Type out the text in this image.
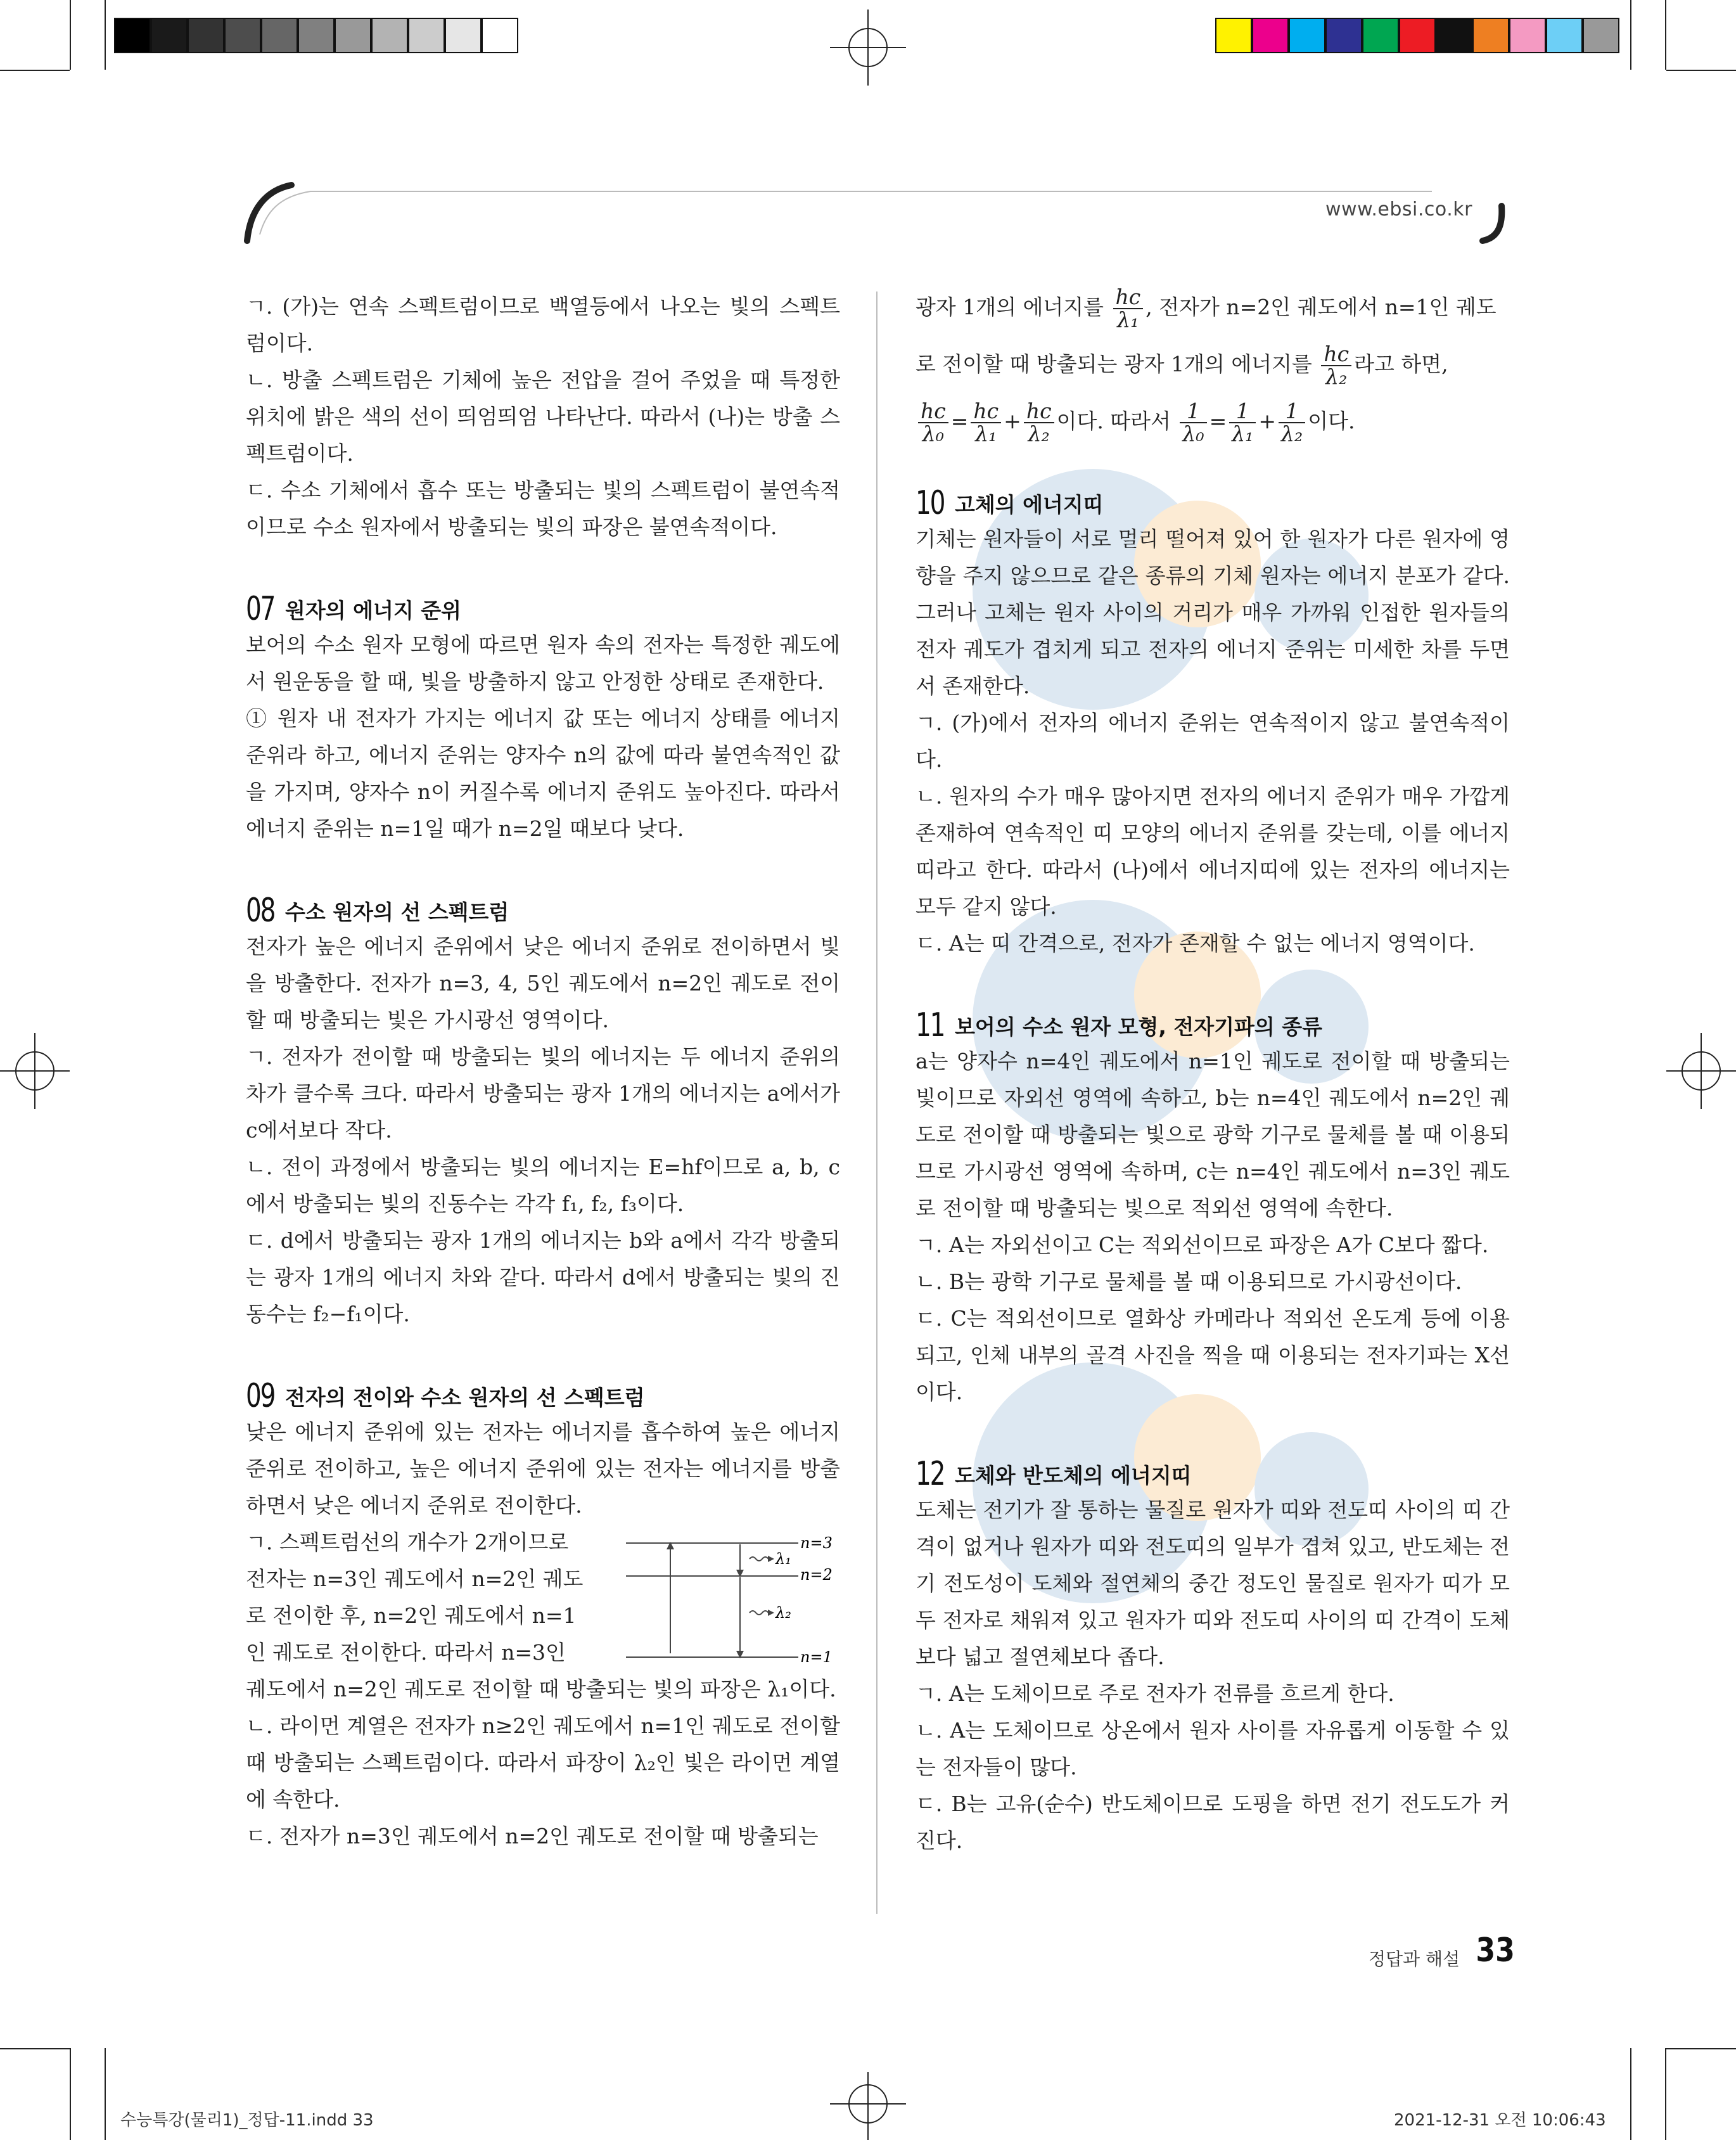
www.ebsi.co.kr

ㄱ. (가)는 연속 스펙트럼이므로 백열등에서 나오는 빛의 스펙트럼이다.

ㄴ. 방출 스펙트럼은 기체에 높은 전압을 걸어 주었을 때 특정한 위치에 밝은 색의 선이 띄엄띄엄 나타난다. 따라서 (나)는 방출 스펙트럼이다.

ㄷ. 수소 기체에서 흡수 또는 방출되는 빛의 스펙트럼이 불연속적이므로 수소 원자에서 방출되는 빛의 파장은 불연속적이다.

07 원자의 에너지 준위

보어의 수소 원자 모형에 따르면 원자 속의 전자는 특정한 궤도에서 원운동을 할 때, 빛을 방출하지 않고 안정한 상태로 존재한다.

① 원자 내 전자가 가지는 에너지 값 또는 에너지 상태를 에너지 준위라 하고, 에너지 준위는 양자수 n의 값에 따라 불연속적인 값을 가지며, 양자수 n이 커질수록 에너지 준위도 높아진다. 따라서 에너지 준위는 n=1일 때가 n=2일 때보다 낮다.

08 수소 원자의 선 스펙트럼

전자가 높은 에너지 준위에서 낮은 에너지 준위로 전이하면서 빛을 방출한다. 전자가 n=3, 4, 5인 궤도에서 n=2인 궤도로 전이할 때 방출되는 빛은 가시광선 영역이다.

ㄱ. 전자가 전이할 때 방출되는 빛의 에너지는 두 에너지 준위의 차가 클수록 크다. 따라서 방출되는 광자 1개의 에너지는 a에서가 c에서보다 작다.

ㄴ. 전이 과정에서 방출되는 빛의 에너지는 E=hf이므로 a, b, c에서 방출되는 빛의 진동수는 각각 f₁, f₂, f₃이다.

ㄷ. d에서 방출되는 광자 1개의 에너지는 b와 a에서 각각 방출되는 광자 1개의 에너지 차와 같다. 따라서 d에서 방출되는 빛의 진동수는 f₂−f₁이다.

09 전자의 전이와 수소 원자의 선 스펙트럼

낮은 에너지 준위에 있는 전자는 에너지를 흡수하여 높은 에너지 준위로 전이하고, 높은 에너지 준위에 있는 전자는 에너지를 방출하면서 낮은 에너지 준위로 전이한다.

ㄱ. 스펙트럼선의 개수가 2개이므로
전자는 n=3인 궤도에서 n=2인 궤도
로 전이한 후, n=2인 궤도에서 n=1
인 궤도로 전이한다. 따라서 n=3인
λ₁
λ₂
n=3
n=2
n=1

궤도에서 n=2인 궤도로 전이할 때 방출되는 빛의 파장은 λ₁이다.

ㄴ. 라이먼 계열은 전자가 n≥2인 궤도에서 n=1인 궤도로 전이할 때 방출되는 스펙트럼이다. 따라서 파장이 λ₂인 빛은 라이먼 계열에 속한다.

ㄷ. 전자가 n=3인 궤도에서 n=2인 궤도로 전이할 때 방출되는

광자 1개의 에너지를 $\frac{hc}{\text{λ₁}}$ , 전자가 n=2인 궤도에서 n=1인 궤도

로 전이할 때 방출되는 광자 1개의 에너지를 $\frac{hc}{\text{λ₂}}$ 라고 하면,

$\frac{hc}{\text{λ₀}} = \frac{hc}{\text{λ₁}} + \frac{hc}{\text{λ₂}}$ 이다. 따라서 $\frac{1}{\text{λ₀}} = \frac{1}{\text{λ₁}} + \frac{1}{\text{λ₂}}$ 이다.

10 고체의 에너지띠

기체는 원자들이 서로 멀리 떨어져 있어 한 원자가 다른 원자에 영향을 주지 않으므로 같은 종류의 기체 원자는 에너지 분포가 같다. 그러나 고체는 원자 사이의 거리가 매우 가까워 인접한 원자들의 전자 궤도가 겹치게 되고 전자의 에너지 준위는 미세한 차를 두면서 존재한다.

ㄱ. (가)에서 전자의 에너지 준위는 연속적이지 않고 불연속적이다.

ㄴ. 원자의 수가 매우 많아지면 전자의 에너지 준위가 매우 가깝게 존재하여 연속적인 띠 모양의 에너지 준위를 갖는데, 이를 에너지띠라고 한다. 따라서 (나)에서 에너지띠에 있는 전자의 에너지는 모두 같지 않다.

ㄷ. A는 띠 간격으로, 전자가 존재할 수 없는 에너지 영역이다.

11 보어의 수소 원자 모형, 전자기파의 종류

a는 양자수 n=4인 궤도에서 n=1인 궤도로 전이할 때 방출되는 빛이므로 자외선 영역에 속하고, b는 n=4인 궤도에서 n=2인 궤도로 전이할 때 방출되는 빛으로 광학 기구로 물체를 볼 때 이용되므로 가시광선 영역에 속하며, c는 n=4인 궤도에서 n=3인 궤도로 전이할 때 방출되는 빛으로 적외선 영역에 속한다.

ㄱ. A는 자외선이고 C는 적외선이므로 파장은 A가 C보다 짧다.

ㄴ. B는 광학 기구로 물체를 볼 때 이용되므로 가시광선이다.

ㄷ. C는 적외선이므로 열화상 카메라나 적외선 온도계 등에 이용되고, 인체 내부의 골격 사진을 찍을 때 이용되는 전자기파는 X선이다.

12 도체와 반도체의 에너지띠

도체는 전기가 잘 통하는 물질로 원자가 띠와 전도띠 사이의 띠 간격이 없거나 원자가 띠와 전도띠의 일부가 겹쳐 있고, 반도체는 전기 전도성이 도체와 절연체의 중간 정도인 물질로 원자가 띠가 모두 전자로 채워져 있고 원자가 띠와 전도띠 사이의 띠 간격이 도체보다 넓고 절연체보다 좁다.

ㄱ. A는 도체이므로 주로 전자가 전류를 흐르게 한다.

ㄴ. A는 도체이므로 상온에서 원자 사이를 자유롭게 이동할 수 있는 전자들이 많다.

ㄷ. B는 고유(순수) 반도체이므로 도핑을 하면 전기 전도도가 커진다.

정답과 해설 33
수능특강(물리1)_정답-11.indd 33	2021-12-31 오전 10:06:43
